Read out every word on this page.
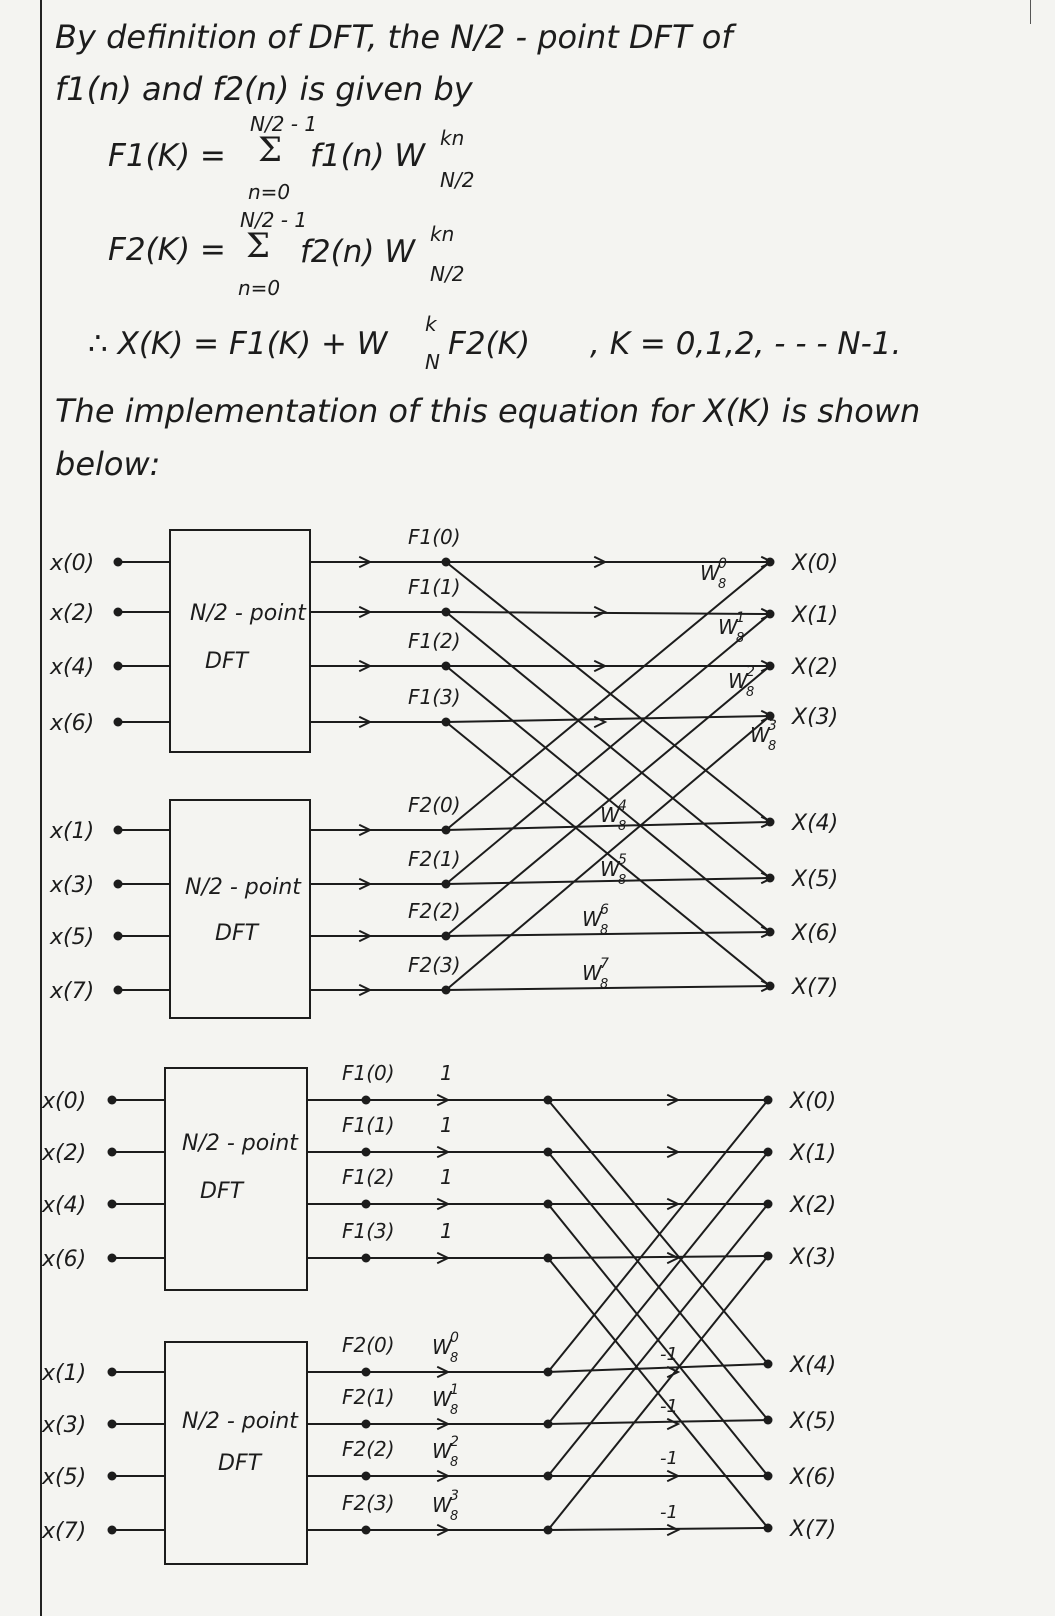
By definition of DFT, the N/2 - point DFT of
f1(n) and f2(n) is given by
F1(K) =
N/2 - 1
Σ
n=0
f1(n) W kn
N/2
F2(K) =
N/2 - 1
Σ
n=0
f2(n) W kn
N/2
∴ X(K) = F1(K) + W
k
N F2(K) , K = 0,1,2, - - - N-1.
The implementation of this equation for X(K) is shown
below:
N/2 - point
DFT
N/2 - point
DFT
x(0)
F1(0)
x(2)
F1(1)
x(4)
F1(2)
x(6)
F1(3)
x(1)
F2(0)
x(3)
F2(1)
x(5)
F2(2)
x(7)
F2(3)
X(0)
X(1)
X(2)
X(3)
X(4)
X(5)
X(6)
X(7)
W
8
0
W
8
1
W
8
2
W
8
3
W
8
4
W
8
5
W
8
6
W
8
7
N/2 - point
DFT
N/2 - point
DFT
x(0)
F1(0)
x(2)
F1(1)
x(4)
F1(2)
x(6)
F1(3)
x(1)
F2(0)
x(3)
F2(1)
x(5)
F2(2)
x(7)
F2(3)
1
1
1
1
W
8
0
W
8
1
W
8
2
W
8
3
-1
-1
-1
-1
X(0)
X(1)
X(2)
X(3)
X(4)
X(5)
X(6)
X(7)
